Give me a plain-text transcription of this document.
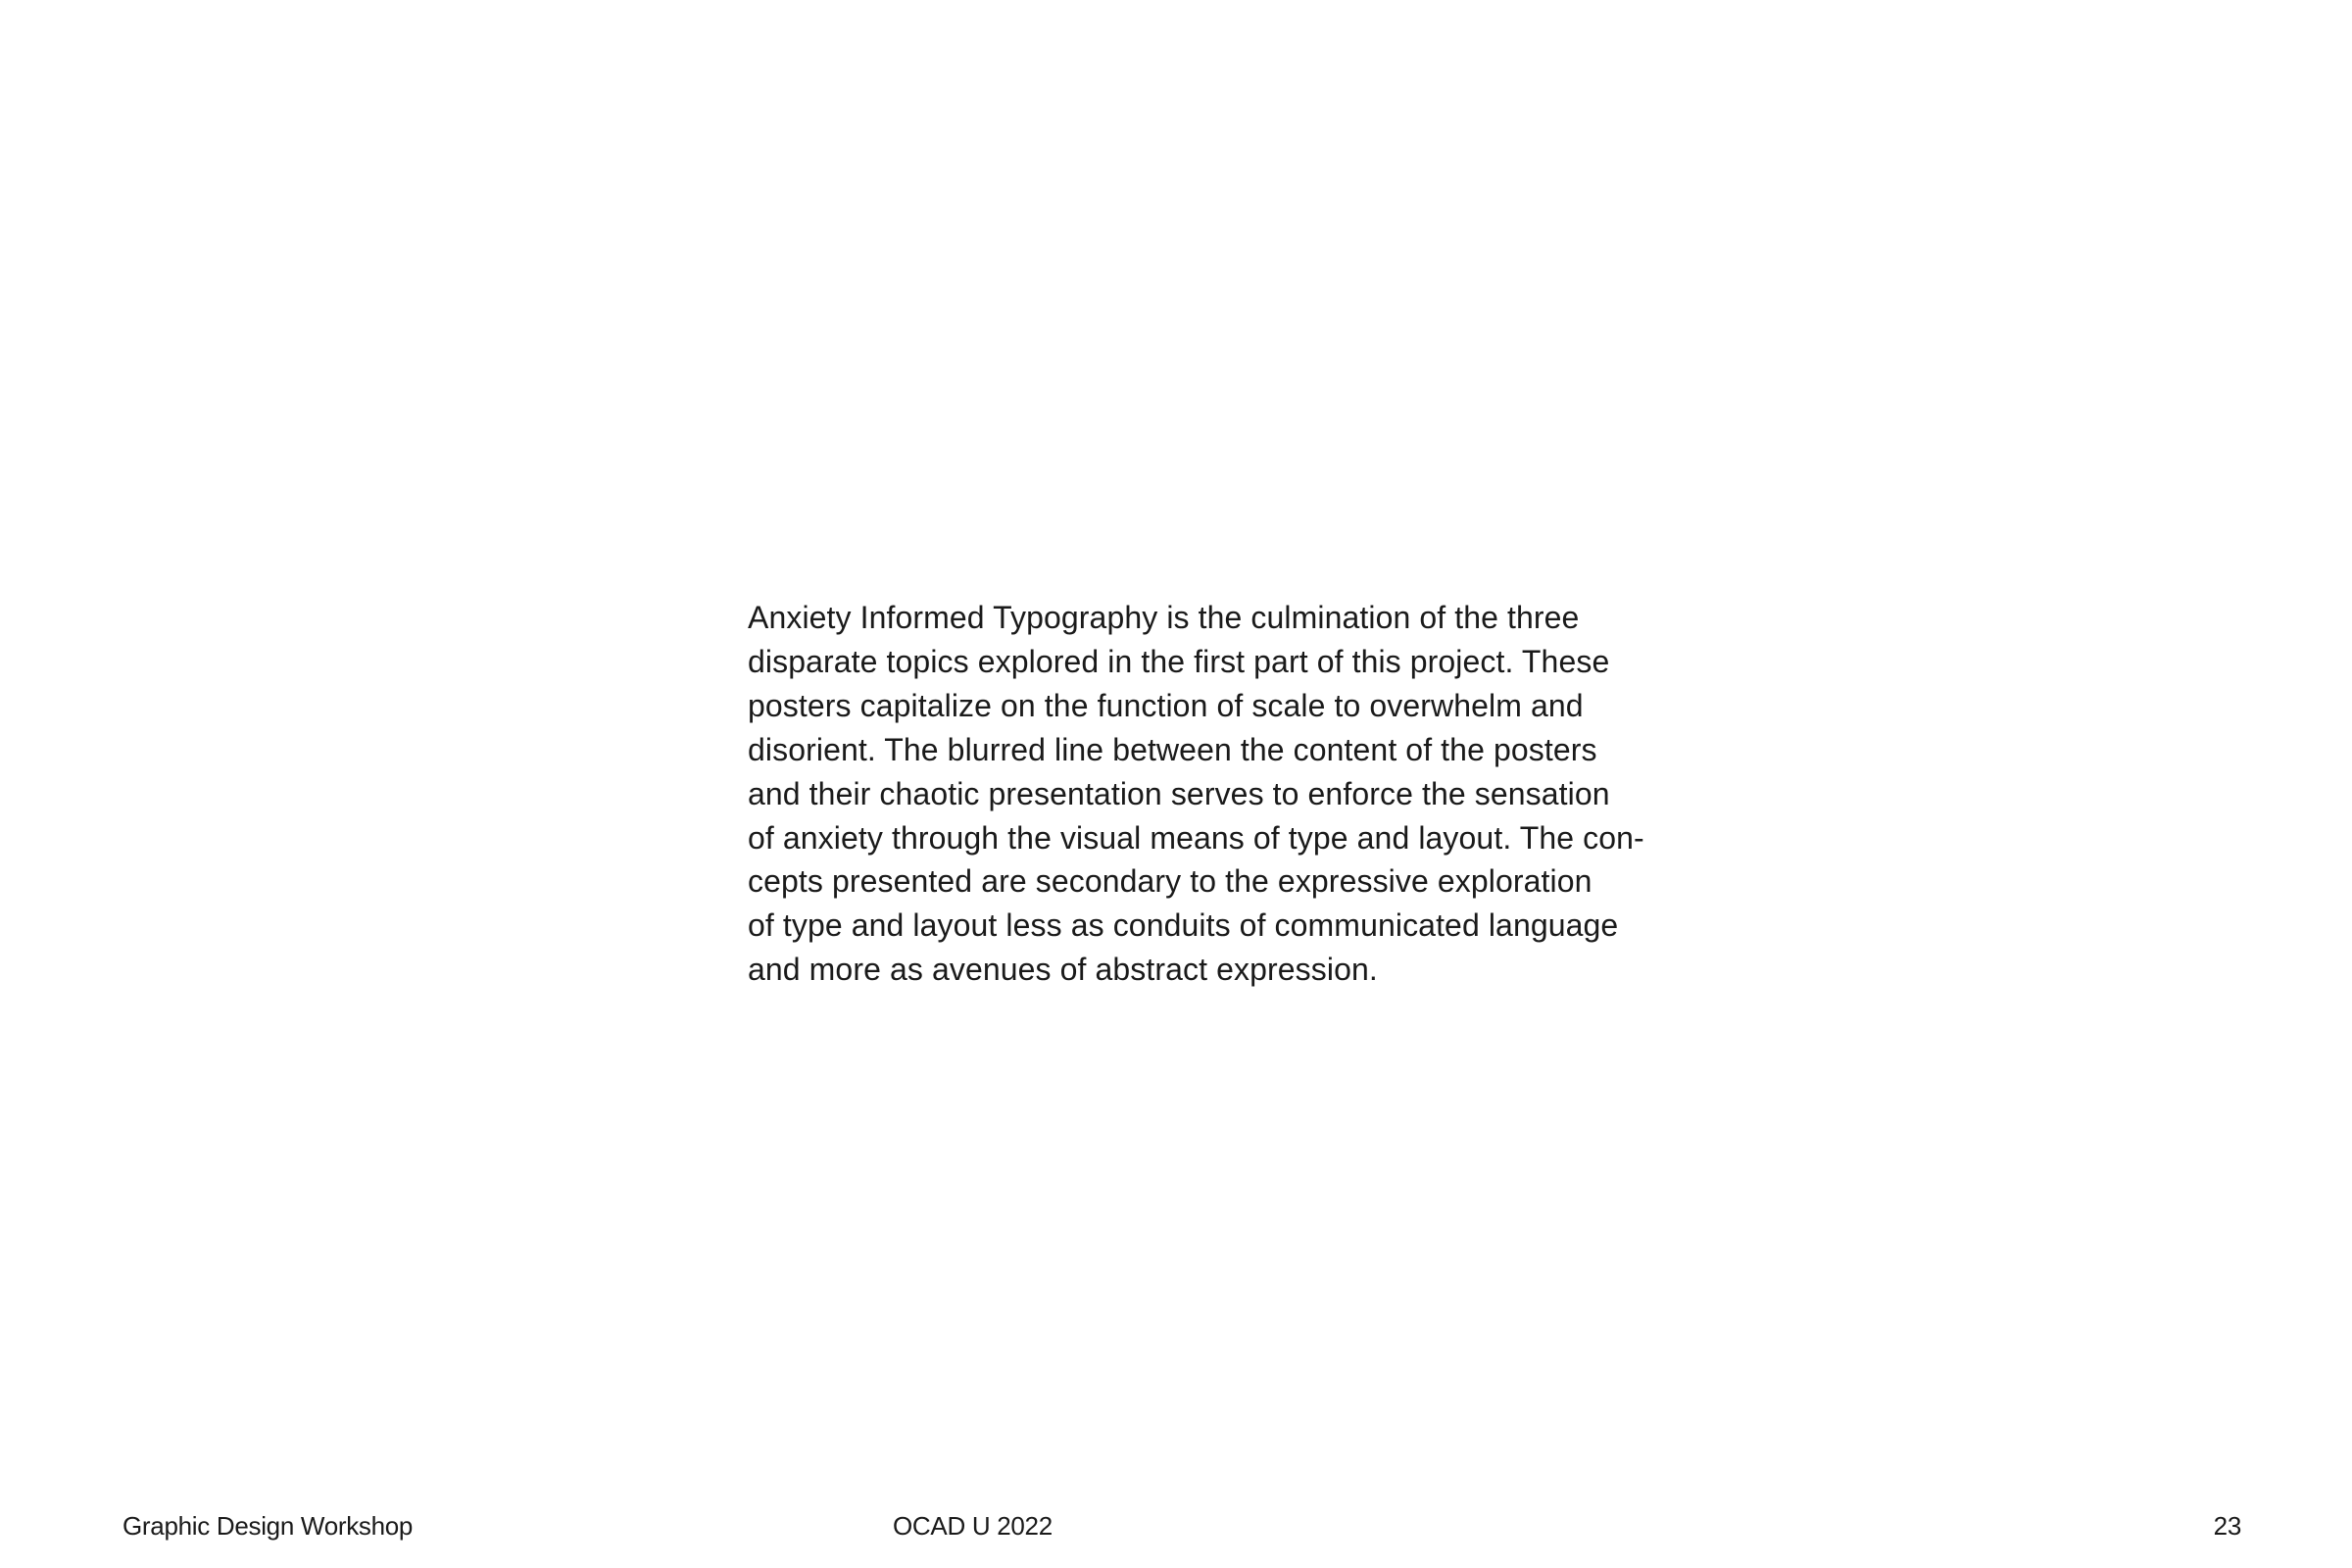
Anxiety Informed Typography is the culmination of the three
disparate topics explored in the first part of this project. These
posters capitalize on the function of scale to overwhelm and
disorient. The blurred line between the content of the posters
and their chaotic presentation serves to enforce the sensation
of anxiety through the visual means of type and layout. The con-
cepts presented are secondary to the expressive exploration
of type and layout less as conduits of communicated language
and more as avenues of abstract expression.

Graphic Design Workshop	OCAD U 2022	23
